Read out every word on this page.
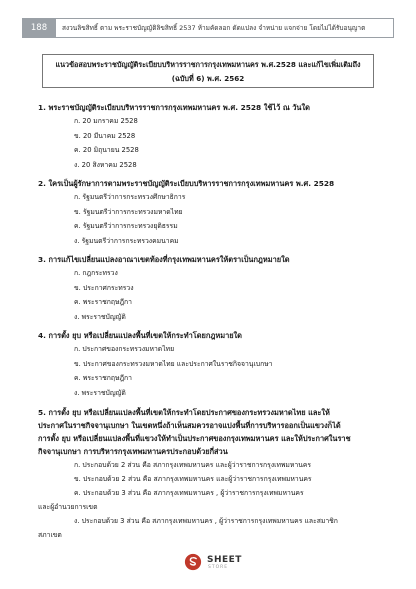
188	สงวนลิขสิทธิ์ ตาม พระราชบัญญัติลิขสิทธิ์ 2537 ห้ามคัดลอก ดัดแปลง จำหน่าย แจกจ่าย โดยไม่ได้รับอนุญาต
แนวข้อสอบพระราชบัญญัติระเบียบบริหารราชการกรุงเทพมหานคร พ.ศ.2528 และแก้ไขเพิ่มเติมถึง
(ฉบับที่ 6) พ.ศ. 2562
1. พระราชบัญญัติระเบียบบริหารราชการกรุงเทพมหานคร พ.ศ. 2528 ใช้ไว้ ณ วันใด
ก. 20 มกราคม 2528
ข. 20 มีนาคม 2528
ค. 20 มิถุนายน 2528
ง. 20 สิงหาคม 2528
2. ใครเป็นผู้รักษาการตามพระราชบัญญัติระเบียบบริหารราชการกรุงเทพมหานคร พ.ศ. 2528
ก. รัฐมนตรีว่าการกระทรวงศึกษาธิการ
ข. รัฐมนตรีว่าการกระทรวงมหาดไทย
ค. รัฐมนตรีว่าการกระทรวงยุติธรรม
ง. รัฐมนตรีว่าการกระทรวงคมนาคม
3. การแก้ไขเปลี่ยนแปลงอาณาเขตท้องที่กรุงเทพมหานครให้ตราเป็นกฎหมายใด
ก. กฎกระทรวง
ข. ประกาศกระทรวง
ค. พระราชกฤษฎีกา
ง. พระราชบัญญัติ
4. การตั้ง ยุบ หรือเปลี่ยนแปลงพื้นที่เขตให้กระทำโดยกฎหมายใด
ก. ประกาศของกระทรวงมหาดไทย
ข. ประกาศของกระทรวงมหาดไทย และประกาศในราชกิจจานุเบกษา
ค. พระราชกฤษฎีกา
ง. พระราชบัญญัติ
5. การตั้ง ยุบ หรือเปลี่ยนแปลงพื้นที่เขตให้กระทำโดยประกาศของกระทรวงมหาดไทย และให้
ประกาศในราชกิจจานุเบกษา ในเขตหนึ่งถ้าเห็นสมควรอาจแบ่งพื้นที่การบริหารออกเป็นแขวงก็ได้
การตั้ง ยุบ หรือเปลี่ยนแปลงพื้นที่แขวงให้ทำเป็นประกาศของกรุงเทพมหานคร และให้ประกาศในราช
กิจจานุเบกษา การบริหารกรุงเทพมหานครประกอบด้วยกี่ส่วน
ก. ประกอบด้วย 2 ส่วน คือ สภากรุงเทพมหานคร และผู้ว่าราชการกรุงเทพมหานคร
ข. ประกอบด้วย 2 ส่วน คือ สภากรุงเทพมหานคร และผู้ว่าราชการกรุงเทพมหานคร
ค. ประกอบด้วย 3 ส่วน คือ สภากรุงเทพมหานคร , ผู้ว่าราชการกรุงเทพมหานคร
และผู้อำนวยการเขต
ง. ประกอบด้วย 3 ส่วน คือ สภากรุงเทพมหานคร , ผู้ว่าราชการกรุงเทพมหานคร และสมาชิก
สภาเขต
SHEET
STORE
